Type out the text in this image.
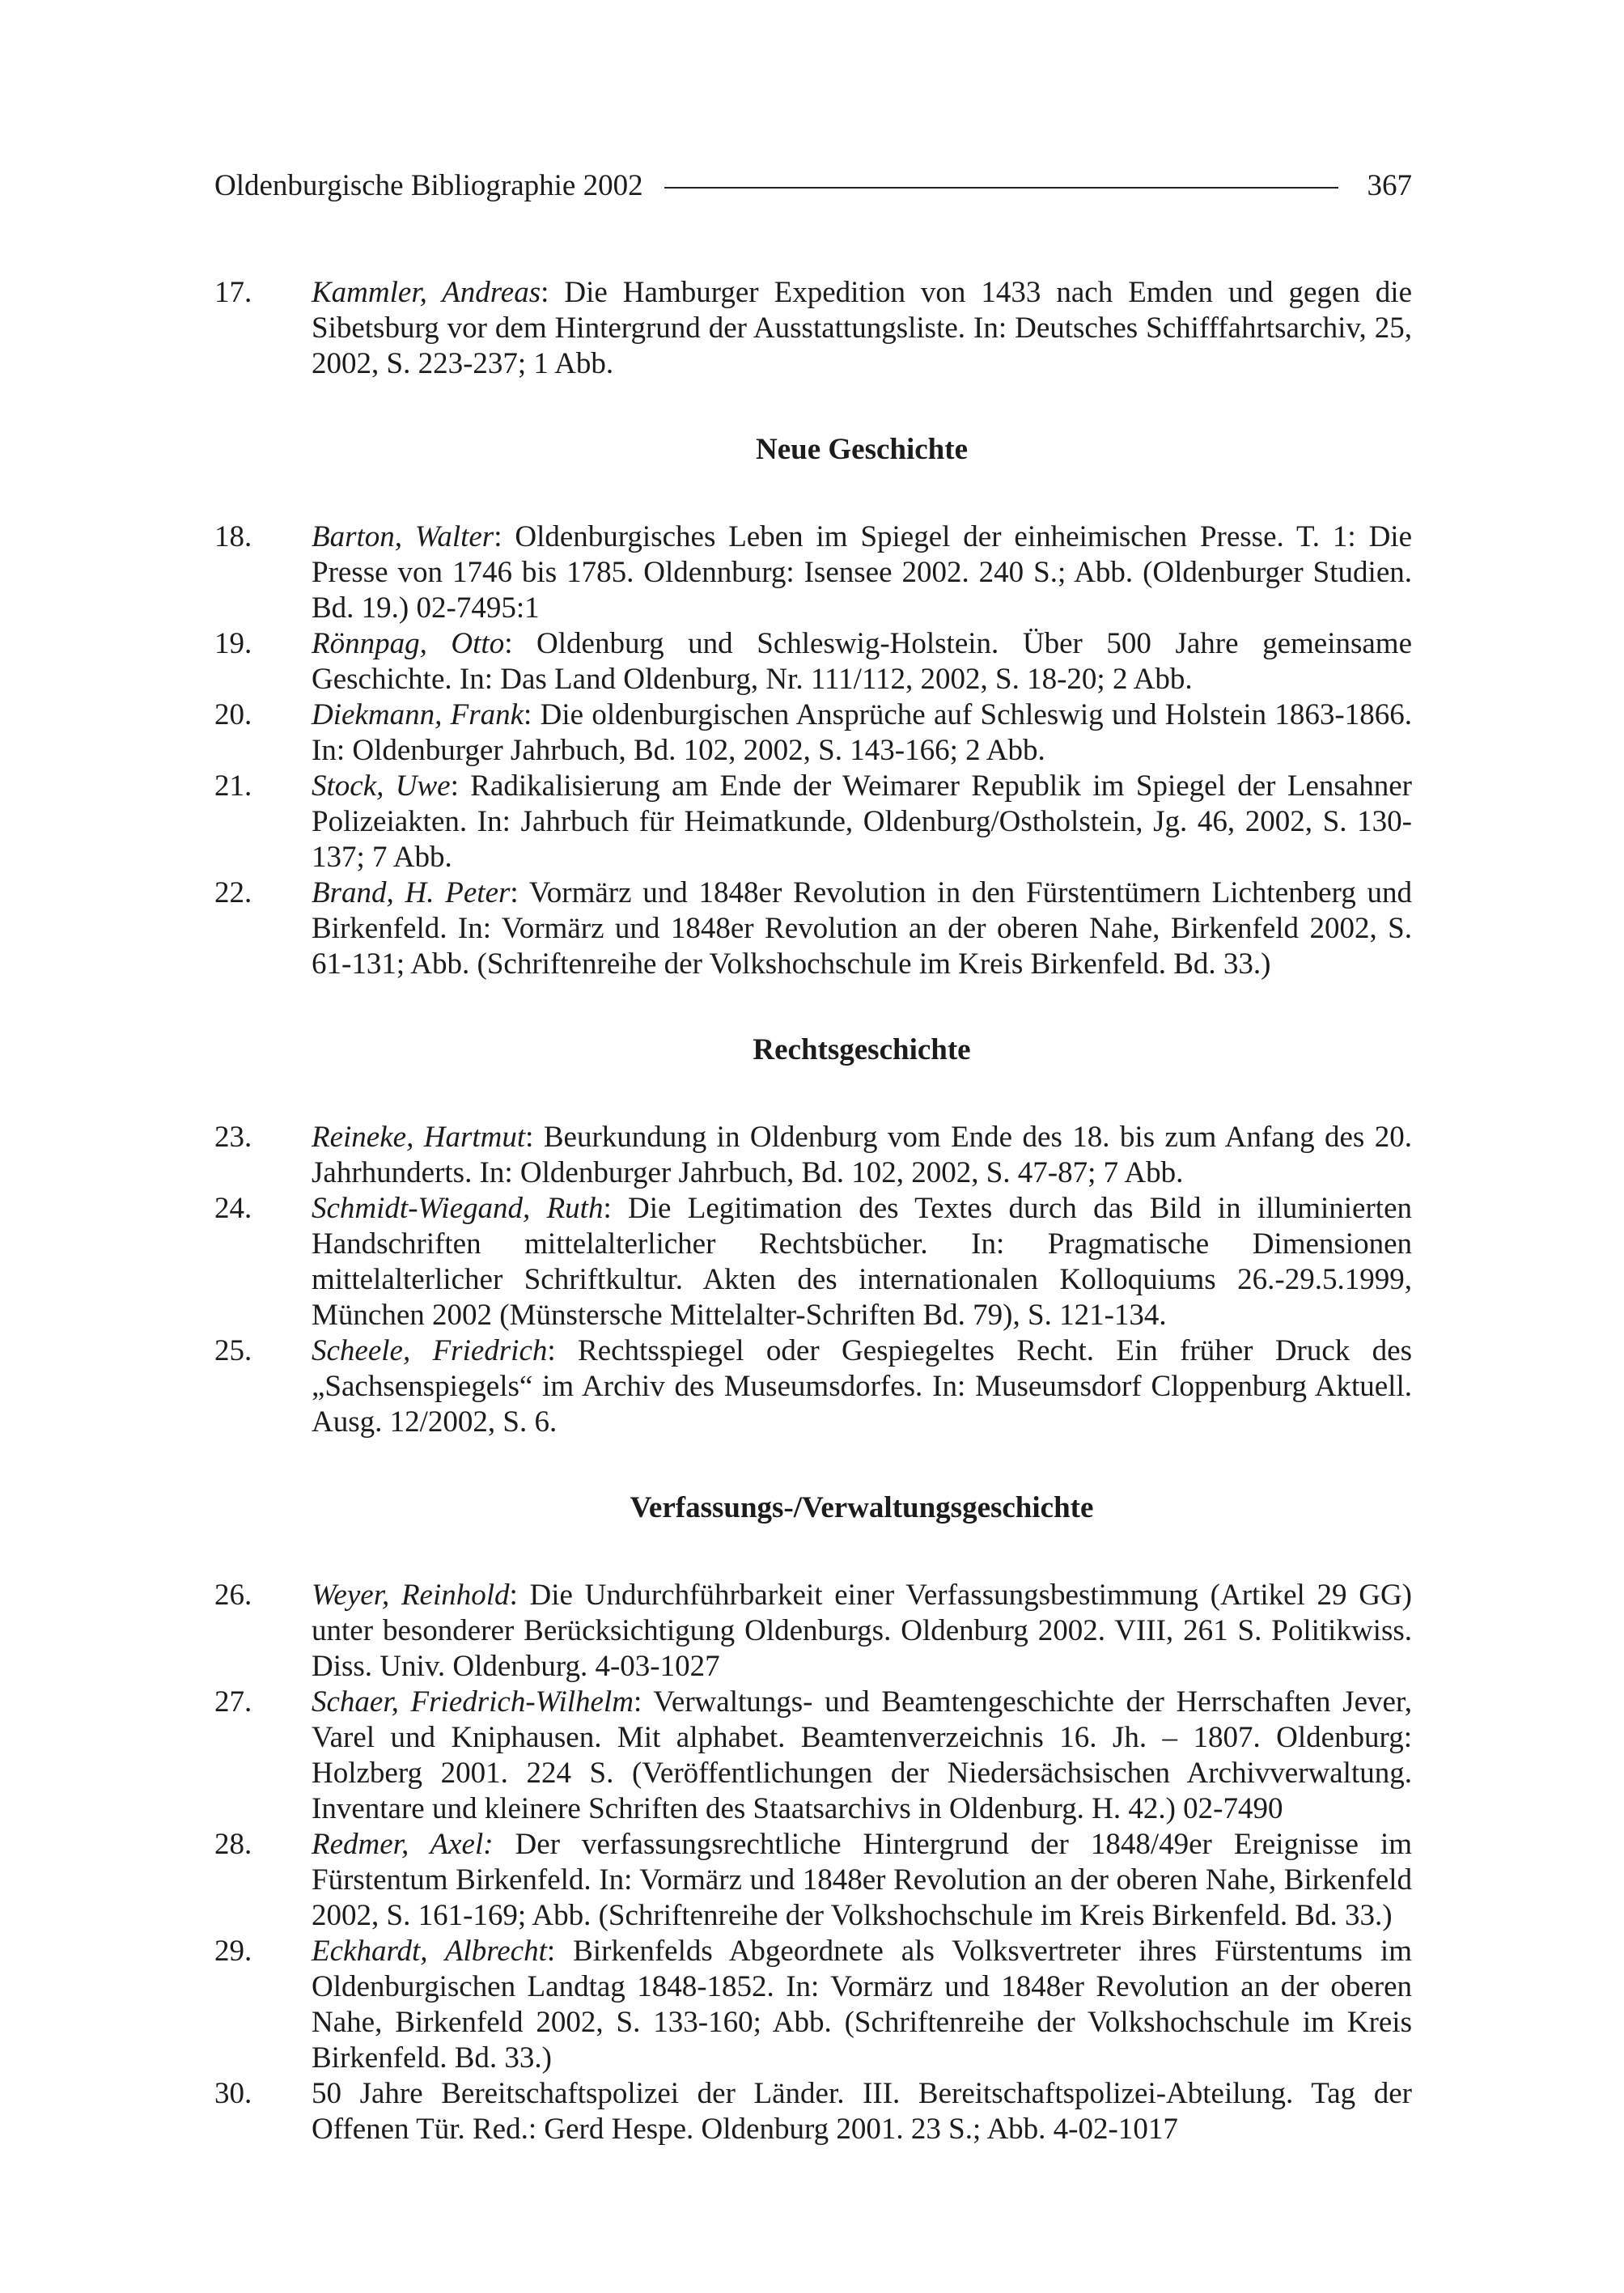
Oldenburgische Bibliographie 2002	367
17.	Kammler, Andreas: Die Hamburger Expedition von 1433 nach Emden und gegen die Sibetsburg vor dem Hintergrund der Ausstattungsliste. In: Deutsches Schifffahrtsarchiv, 25, 2002, S. 223-237; 1 Abb.
Neue Geschichte
18.	Barton, Walter: Oldenburgisches Leben im Spiegel der einheimischen Presse. T. 1: Die Presse von 1746 bis 1785. Oldennburg: Isensee 2002. 240 S.; Abb. (Oldenburger Studien. Bd. 19.) 02-7495:1
19.	Rönnpag, Otto: Oldenburg und Schleswig-Holstein. Über 500 Jahre gemeinsame Geschichte. In: Das Land Oldenburg, Nr. 111/112, 2002, S. 18-20; 2 Abb.
20.	Diekmann, Frank: Die oldenburgischen Ansprüche auf Schleswig und Holstein 1863-1866. In: Oldenburger Jahrbuch, Bd. 102, 2002, S. 143-166; 2 Abb.
21.	Stock, Uwe: Radikalisierung am Ende der Weimarer Republik im Spiegel der Lensahner Polizeiakten. In: Jahrbuch für Heimatkunde, Oldenburg/Ostholstein, Jg. 46, 2002, S. 130-137; 7 Abb.
22.	Brand, H. Peter: Vormärz und 1848er Revolution in den Fürstentümern Lichtenberg und Birkenfeld. In: Vormärz und 1848er Revolution an der oberen Nahe, Birkenfeld 2002, S. 61-131; Abb. (Schriftenreihe der Volkshochschule im Kreis Birkenfeld. Bd. 33.)
Rechtsgeschichte
23.	Reineke, Hartmut: Beurkundung in Oldenburg vom Ende des 18. bis zum Anfang des 20. Jahrhunderts. In: Oldenburger Jahrbuch, Bd. 102, 2002, S. 47-87; 7 Abb.
24.	Schmidt-Wiegand, Ruth: Die Legitimation des Textes durch das Bild in illuminierten Handschriften mittelalterlicher Rechtsbücher. In: Pragmatische Dimensionen mittelalterlicher Schriftkultur. Akten des internationalen Kolloquiums 26.-29.5.1999, München 2002 (Münstersche Mittelalter-Schriften Bd. 79), S. 121-134.
25.	Scheele, Friedrich: Rechtsspiegel oder Gespiegeltes Recht. Ein früher Druck des „Sachsenspiegels“ im Archiv des Museumsdorfes. In: Museumsdorf Cloppenburg Aktuell. Ausg. 12/2002, S. 6.
Verfassungs-/Verwaltungsgeschichte
26.	Weyer, Reinhold: Die Undurchführbarkeit einer Verfassungsbestimmung (Artikel 29 GG) unter besonderer Berücksichtigung Oldenburgs. Oldenburg 2002. VIII, 261 S. Politikwiss. Diss. Univ. Oldenburg. 4-03-1027
27.	Schaer, Friedrich-Wilhelm: Verwaltungs- und Beamtengeschichte der Herrschaften Jever, Varel und Kniphausen. Mit alphabet. Beamtenverzeichnis 16. Jh. – 1807. Oldenburg: Holzberg 2001. 224 S. (Veröffentlichungen der Niedersächsischen Archivverwaltung. Inventare und kleinere Schriften des Staatsarchivs in Oldenburg. H. 42.) 02-7490
28.	Redmer, Axel: Der verfassungsrechtliche Hintergrund der 1848/49er Ereignisse im Fürstentum Birkenfeld. In: Vormärz und 1848er Revolution an der oberen Nahe, Birkenfeld 2002, S. 161-169; Abb. (Schriftenreihe der Volkshochschule im Kreis Birkenfeld. Bd. 33.)
29.	Eckhardt, Albrecht: Birkenfelds Abgeordnete als Volksvertreter ihres Fürstentums im Oldenburgischen Landtag 1848-1852. In: Vormärz und 1848er Revolution an der oberen Nahe, Birkenfeld 2002, S. 133-160; Abb. (Schriftenreihe der Volkshochschule im Kreis Birkenfeld. Bd. 33.)
30.	50 Jahre Bereitschaftspolizei der Länder. III. Bereitschaftspolizei-Abteilung. Tag der Offenen Tür. Red.: Gerd Hespe. Oldenburg 2001. 23 S.; Abb. 4-02-1017
